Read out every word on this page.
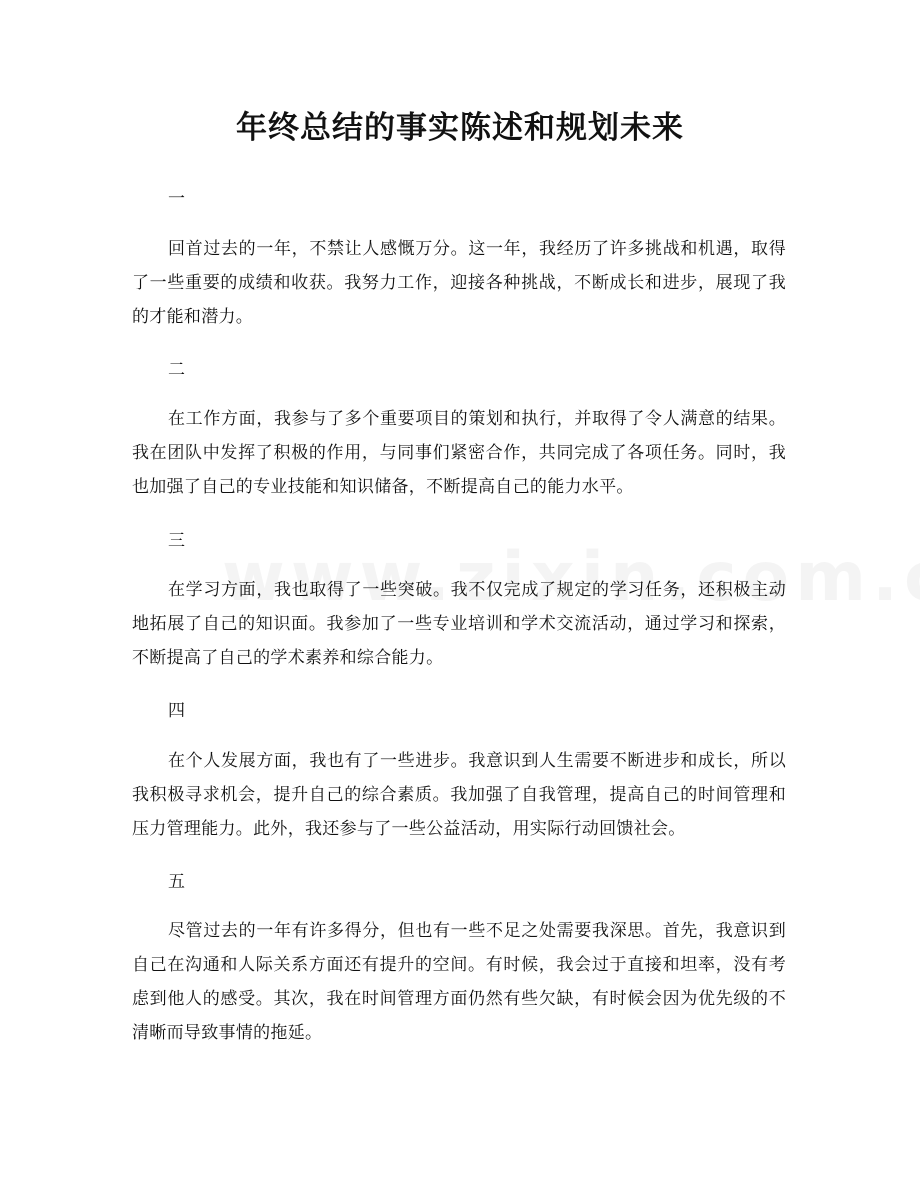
年终总结的事实陈述和规划未来
一
回首过去的一年，不禁让人感慨万分。这一年，我经历了许多挑战和机遇，取得了一些重要的成绩和收获。我努力工作，迎接各种挑战，不断成长和进步，展现了我的才能和潜力。
二
在工作方面，我参与了多个重要项目的策划和执行，并取得了令人满意的结果。我在团队中发挥了积极的作用，与同事们紧密合作，共同完成了各项任务。同时，我也加强了自己的专业技能和知识储备，不断提高自己的能力水平。
三
在学习方面，我也取得了一些突破。我不仅完成了规定的学习任务，还积极主动地拓展了自己的知识面。我参加了一些专业培训和学术交流活动，通过学习和探索，不断提高了自己的学术素养和综合能力。
四
在个人发展方面，我也有了一些进步。我意识到人生需要不断进步和成长，所以我积极寻求机会，提升自己的综合素质。我加强了自我管理，提高自己的时间管理和压力管理能力。此外，我还参与了一些公益活动，用实际行动回馈社会。
五
尽管过去的一年有许多得分，但也有一些不足之处需要我深思。首先，我意识到自己在沟通和人际关系方面还有提升的空间。有时候，我会过于直接和坦率，没有考虑到他人的感受。其次，我在时间管理方面仍然有些欠缺，有时候会因为优先级的不清晰而导致事情的拖延。
